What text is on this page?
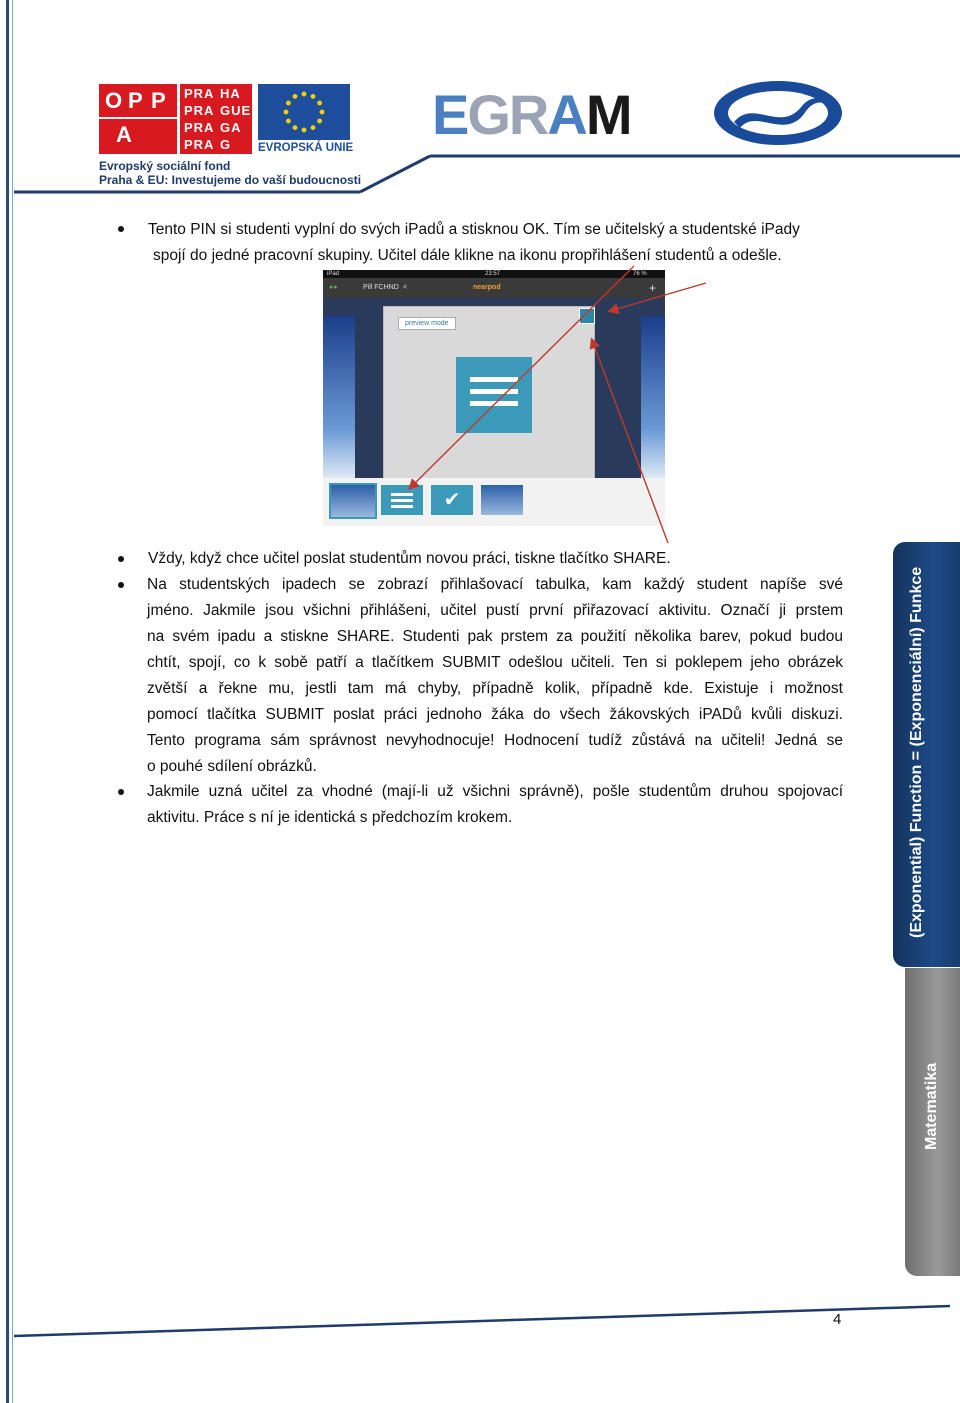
O P P
A
PRA HA
PRA GUE
PRA GA
PRA G EVROPSKÁ UNIE
Evropský sociální fond
Praha & EU: Investujeme do vaší budoucnosti
EGRAM
Tento PIN si studenti vyplní do svých iPadů a stisknou OK. Tím se učitelský a studentské iPady
spojí do jedné pracovní skupiny. Učitel dále klikne na ikonu propřihlášení studentů a odešle.
iPad	23:57	76 %
●●	Pill FCHND <	nearpod	+
preview mode
✔
Vždy, když chce učitel poslat studentům novou práci, tiskne tlačítko SHARE.
Na studentských ipadech se zobrazí přihlašovací tabulka, kam každý student napíše své
jméno. Jakmile jsou všichni přihlášeni, učitel pustí první přiřazovací aktivitu. Označí ji prstem
na svém ipadu a stiskne SHARE. Studenti pak prstem za použití několika barev, pokud budou
chtít, spojí, co k sobě patří a tlačítkem SUBMIT odešlou učiteli. Ten si poklepem jeho obrázek
zvětší a řekne mu, jestli tam má chyby, případně kolik, případně kde. Existuje i možnost
pomocí tlačítka SUBMIT poslat práci jednoho žáka do všech žákovských iPADů kvůli diskuzi.
Tento programa sám správnost nevyhodnocuje! Hodnocení tudíž zůstává na učiteli! Jedná se
o pouhé sdílení obrázků.
Jakmile uzná učitel za vhodné (mají-li už všichni správně), pošle studentům druhou spojovací
aktivitu. Práce s ní je identická s předchozím krokem.	(Exponential) Function = (Exponenciální) Funkce
Matematika
4
